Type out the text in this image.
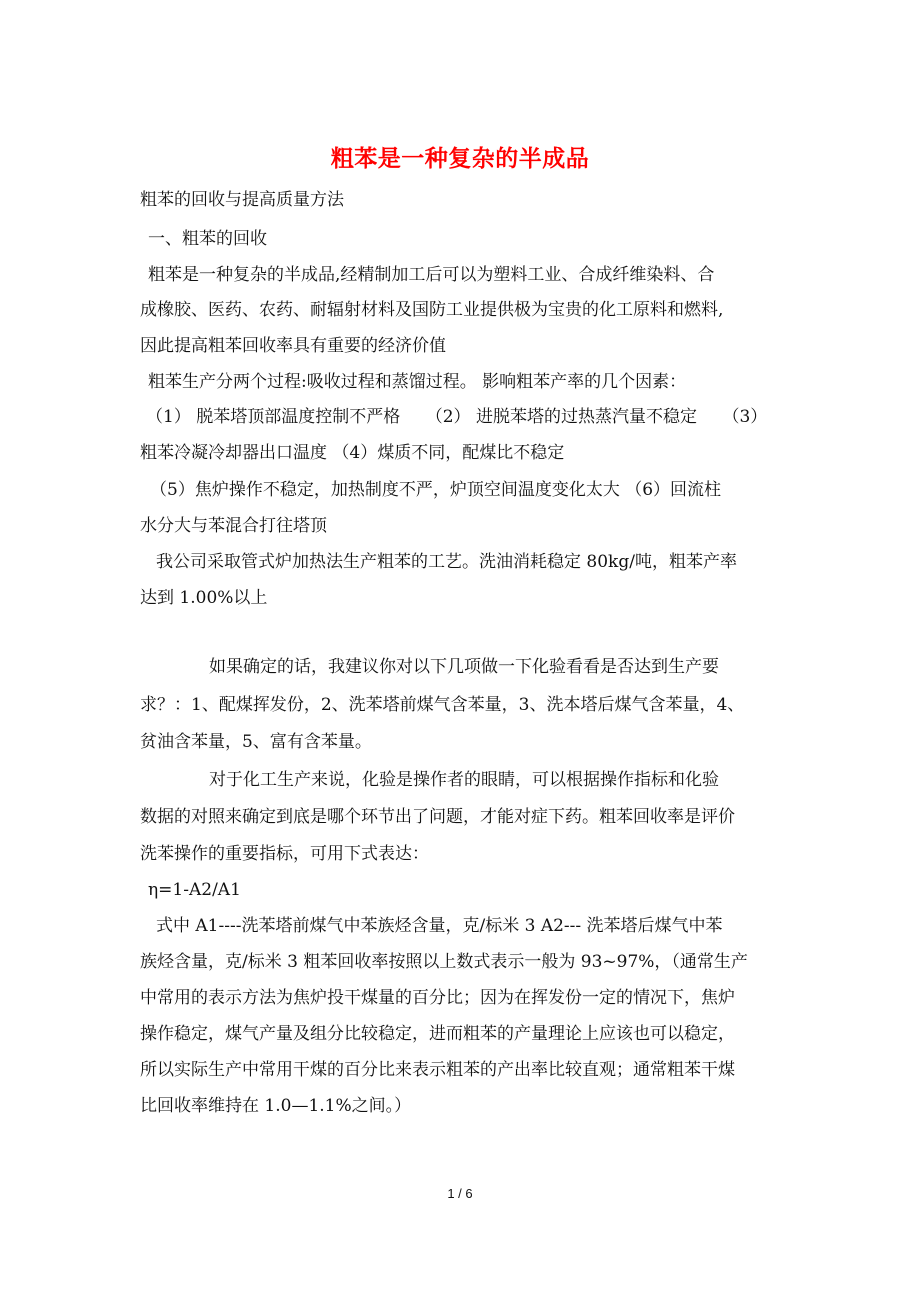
粗苯是一种复杂的半成品
粗苯的回收与提高质量方法
一、粗苯的回收
粗苯是一种复杂的半成品,经精制加工后可以为塑料工业、合成纤维染料、合
成橡胶、医药、农药、耐辐射材料及国防工业提供极为宝贵的化工原料和燃料,
因此提高粗苯回收率具有重要的经济价值
粗苯生产分两个过程:吸收过程和蒸馏过程。 影响粗苯产率的几个因素：
（1） 脱苯塔顶部温度控制不严格　　（2） 进脱苯塔的过热蒸汽量不稳定　　（3）
粗苯冷凝冷却器出口温度 （4）煤质不同，配煤比不稳定
（5）焦炉操作不稳定，加热制度不严，炉顶空间温度变化太大 （6）回流柱
水分大与苯混合打往塔顶
我公司采取管式炉加热法生产粗苯的工艺。洗油消耗稳定 80kg/吨，粗苯产率
达到 1.00%以上
如果确定的话，我建议你对以下几项做一下化验看看是否达到生产要
求？：1、配煤挥发份，2、洗苯塔前煤气含苯量，3、洗本塔后煤气含苯量，4、
贫油含苯量，5、富有含苯量。
对于化工生产来说，化验是操作者的眼睛，可以根据操作指标和化验
数据的对照来确定到底是哪个环节出了问题，才能对症下药。粗苯回收率是评价
洗苯操作的重要指标，可用下式表达：
η=1-A2/A1
式中 A1----洗苯塔前煤气中苯族烃含量，克/标米 3 A2--- 洗苯塔后煤气中苯
族烃含量，克/标米 3 粗苯回收率按照以上数式表示一般为 93~97%，（通常生产
中常用的表示方法为焦炉投干煤量的百分比；因为在挥发份一定的情况下，焦炉
操作稳定，煤气产量及组分比较稳定，进而粗苯的产量理论上应该也可以稳定，
所以实际生产中常用干煤的百分比来表示粗苯的产出率比较直观；通常粗苯干煤
比回收率维持在 1.0—1.1%之间。）
1 / 6
